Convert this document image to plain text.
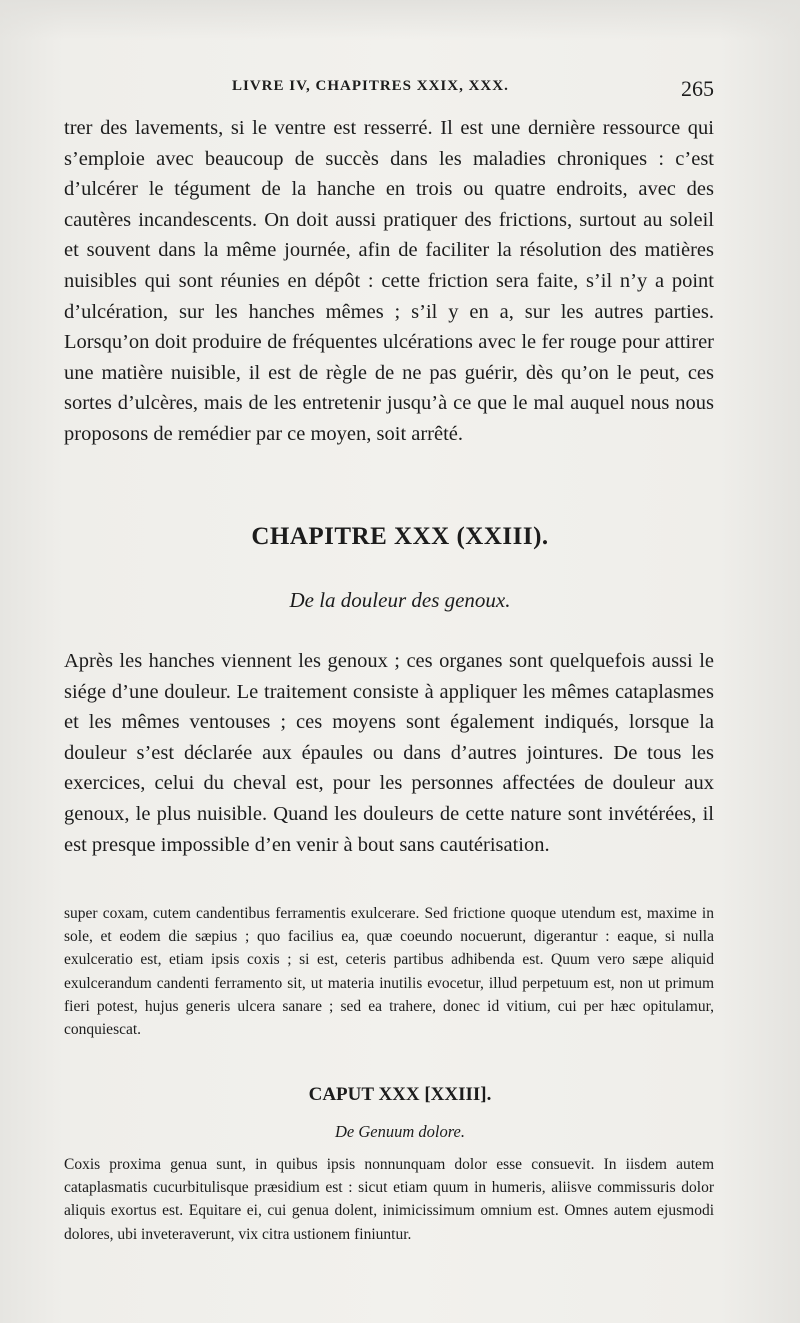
LIVRE IV, CHAPITRES XXIX, XXX.	265

trer des lavements, si le ventre est resserré. Il est une dernière ressource qui s’emploie avec beaucoup de succès dans les maladies chroniques : c’est d’ulcérer le tégument de la hanche en trois ou quatre endroits, avec des cautères incandescents. On doit aussi pratiquer des frictions, surtout au soleil et souvent dans la même journée, afin de faciliter la résolution des matières nuisibles qui sont réunies en dépôt : cette friction sera faite, s’il n’y a point d’ulcération, sur les hanches mêmes ; s’il y en a, sur les autres parties. Lorsqu’on doit produire de fréquentes ulcérations avec le fer rouge pour attirer une matière nuisible, il est de règle de ne pas guérir, dès qu’on le peut, ces sortes d’ulcères, mais de les entretenir jusqu’à ce que le mal auquel nous nous proposons de remédier par ce moyen, soit arrêté.

CHAPITRE XXX (XXIII).
De la douleur des genoux.

Après les hanches viennent les genoux ; ces organes sont quelquefois aussi le siége d’une douleur. Le traitement consiste à appliquer les mêmes cataplasmes et les mêmes ventouses ; ces moyens sont également indiqués, lorsque la douleur s’est déclarée aux épaules ou dans d’autres jointures. De tous les exercices, celui du cheval est, pour les personnes affectées de douleur aux genoux, le plus nuisible. Quand les douleurs de cette nature sont invétérées, il est presque impossible d’en venir à bout sans cautérisation.

super coxam, cutem candentibus ferramentis exulcerare. Sed frictione quoque utendum est, maxime in sole, et eodem die sæpius ; quo facilius ea, quæ coeundo nocuerunt, digerantur : eaque, si nulla exulceratio est, etiam ipsis coxis ; si est, ceteris partibus adhibenda est. Quum vero sæpe aliquid exulcerandum candenti ferramento sit, ut materia inutilis evocetur, illud perpetuum est, non ut primum fieri potest, hujus generis ulcera sanare ; sed ea trahere, donec id vitium, cui per hæc opitulamur, conquiescat.

CAPUT XXX [XXIII].
De Genuum dolore.

Coxis proxima genua sunt, in quibus ipsis nonnunquam dolor esse consuevit. In iisdem autem cataplasmatis cucurbitulisque præsidium est : sicut etiam quum in humeris, aliisve commissuris dolor aliquis exortus est. Equitare ei, cui genua dolent, inimicissimum omnium est. Omnes autem ejusmodi dolores, ubi inveteraverunt, vix citra ustionem finiuntur.
